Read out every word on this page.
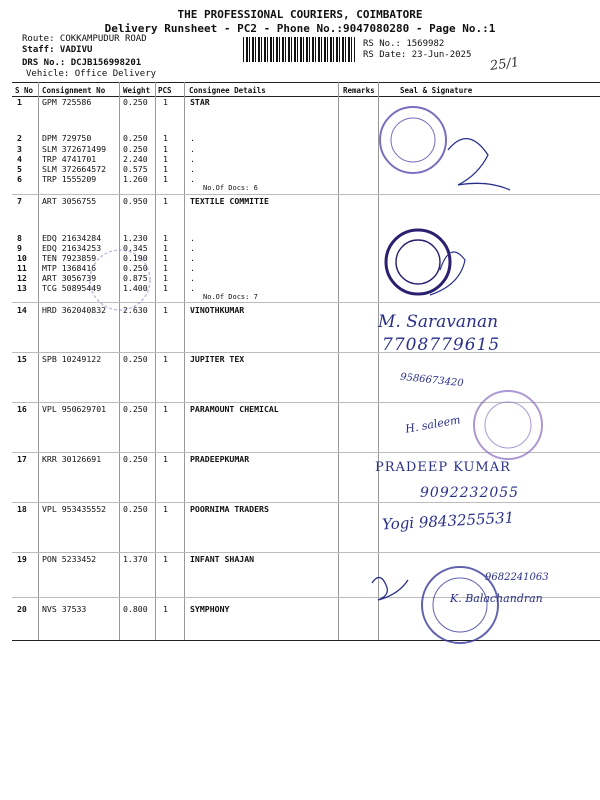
THE PROFESSIONAL COURIERS, COIMBATORE
Delivery Runsheet - PC2 - Phone No.:9047080280 - Page No.:1
Route: COKKAMPUDUR ROAD
Staff: VADIVU
DRS No.: DCJB156998201
Vehicle: Office Delivery
RS No.: 1569982
RS Date: 23-Jun-2025
25/1
S No Consignment No Weight PCS Consignee Details	Remarks	Seal & Signature
1 GPM 725586	0.250 1	STAR
2 DPM 729750	0.250 1	.
3 SLM 372671499 0.250 1	.
4 TRP 4741701	2.240 1	.
5 SLM 372664572 0.575 1	.
6 TRP 1555209	1.260 1	.
7 ART 3056755	0.950 1	TEXTILE COMMITIE
8 EDQ 21634284	1.230 1	.
9 EDQ 21634253	0.345 1	.
10 TEN 7923859	0.190 1	.
11 MTP 1368416	0.250 1	.
12 ART 3056739	0.875 1	.
13 TCG 50895449	1.400 1	.
14 HRD 362040832 2.630 1	VINOTHKUMAR
15 SPB 10249122	0.250 1	JUPITER TEX
16 VPL 950629701 0.250 1	PARAMOUNT CHEMICAL
17 KRR 30126691	0.250 1	PRADEEPKUMAR
18 VPL 953435552 0.250 1	POORNIMA TRADERS
19 PON 5233452	1.370 1	INFANT SHAJAN
20 NVS 37533	0.800 1	SYMPHONY
No.Of Docs: 6
No.Of Docs: 7
M. Saravanan
7708779615
9586673420
H. saleem
PRADEEP KUMAR
9092232055
Yogi 9843255531
9682241063
K. Balachandran
